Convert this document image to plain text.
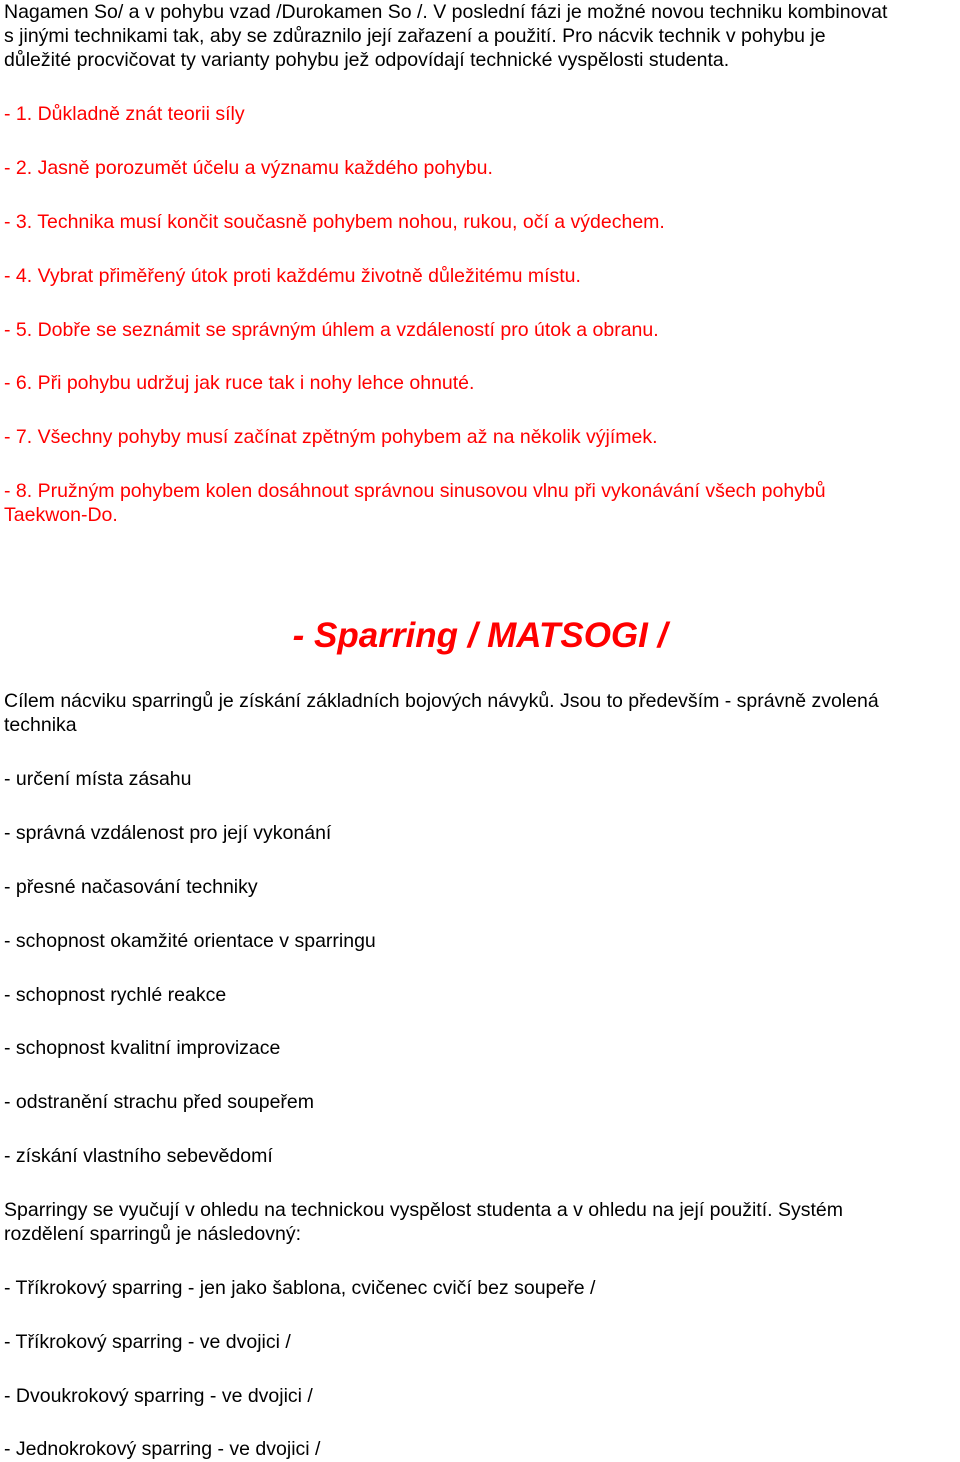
Nagamen So/ a v pohybu vzad /Durokamen So /. V poslední fázi je možné novou techniku kombinovat

s jinými technikami tak, aby se zdůraznilo její zařazení a použití. Pro nácvik technik v pohybu je

důležité procvičovat ty varianty pohybu jež odpovídají technické vyspělosti studenta.

- 1. Důkladně znát teorii síly

- 2. Jasně porozumět účelu a významu každého pohybu.

- 3. Technika musí končit současně pohybem nohou, rukou, očí a výdechem.

- 4. Vybrat přiměřený útok proti každému životně důležitému místu.

- 5. Dobře se seznámit se správným úhlem a vzdáleností pro útok a obranu.

- 6. Při pohybu udržuj jak ruce tak i nohy lehce ohnuté.

- 7. Všechny pohyby musí začínat zpětným pohybem až na několik výjímek.

- 8. Pružným pohybem kolen dosáhnout správnou sinusovou vlnu při vykonávání všech pohybů

Taekwon-Do.

- Sparring / MATSOGI /

Cílem nácviku sparringů je získání základních bojových návyků. Jsou to především - správně zvolená

technika

- určení místa zásahu

- správná vzdálenost pro její vykonání

- přesné načasování techniky

- schopnost okamžité orientace v sparringu

- schopnost rychlé reakce

- schopnost kvalitní improvizace

- odstranění strachu před soupeřem

- získání vlastního sebevědomí

Sparringy se vyučují v ohledu na technickou vyspělost studenta a v ohledu na její použití. Systém

rozdělení sparringů je následovný:

- Tříkrokový sparring - jen jako šablona, cvičenec cvičí bez soupeře /

- Tříkrokový sparring - ve dvojici /

- Dvoukrokový sparring - ve dvojici /

- Jednokrokový sparring - ve dvojici /
